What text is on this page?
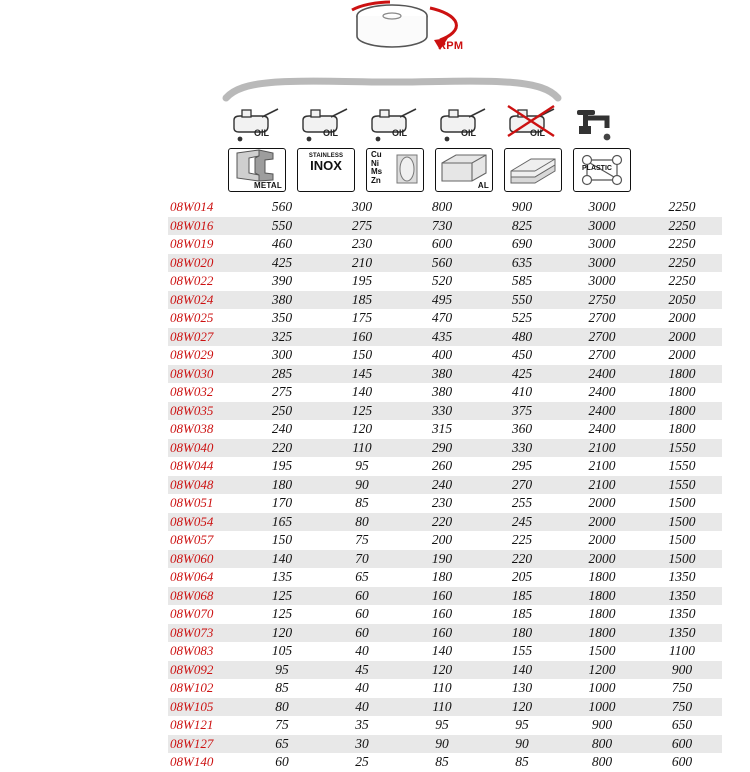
RPM
OIL
METAL
OIL
STAINLESS
INOX
OIL
Cu
Ni
Ms
Zn
OIL
AL
OIL
PLASTIC
08W014	560	300	800	900	3000	2250
08W016	550	275	730	825	3000	2250
08W019	460	230	600	690	3000	2250
08W020	425	210	560	635	3000	2250
08W022	390	195	520	585	3000	2250
08W024	380	185	495	550	2750	2050
08W025	350	175	470	525	2700	2000
08W027	325	160	435	480	2700	2000
08W029	300	150	400	450	2700	2000
08W030	285	145	380	425	2400	1800
08W032	275	140	380	410	2400	1800
08W035	250	125	330	375	2400	1800
08W038	240	120	315	360	2400	1800
08W040	220	110	290	330	2100	1550
08W044	195	95	260	295	2100	1550
08W048	180	90	240	270	2100	1550
08W051	170	85	230	255	2000	1500
08W054	165	80	220	245	2000	1500
08W057	150	75	200	225	2000	1500
08W060	140	70	190	220	2000	1500
08W064	135	65	180	205	1800	1350
08W068	125	60	160	185	1800	1350
08W070	125	60	160	185	1800	1350
08W073	120	60	160	180	1800	1350
08W083	105	40	140	155	1500	1100
08W092	95	45	120	140	1200	900
08W102	85	40	110	130	1000	750
08W105	80	40	110	120	1000	750
08W121	75	35	95	95	900	650
08W127	65	30	90	90	800	600
08W140	60	25	85	85	800	600
